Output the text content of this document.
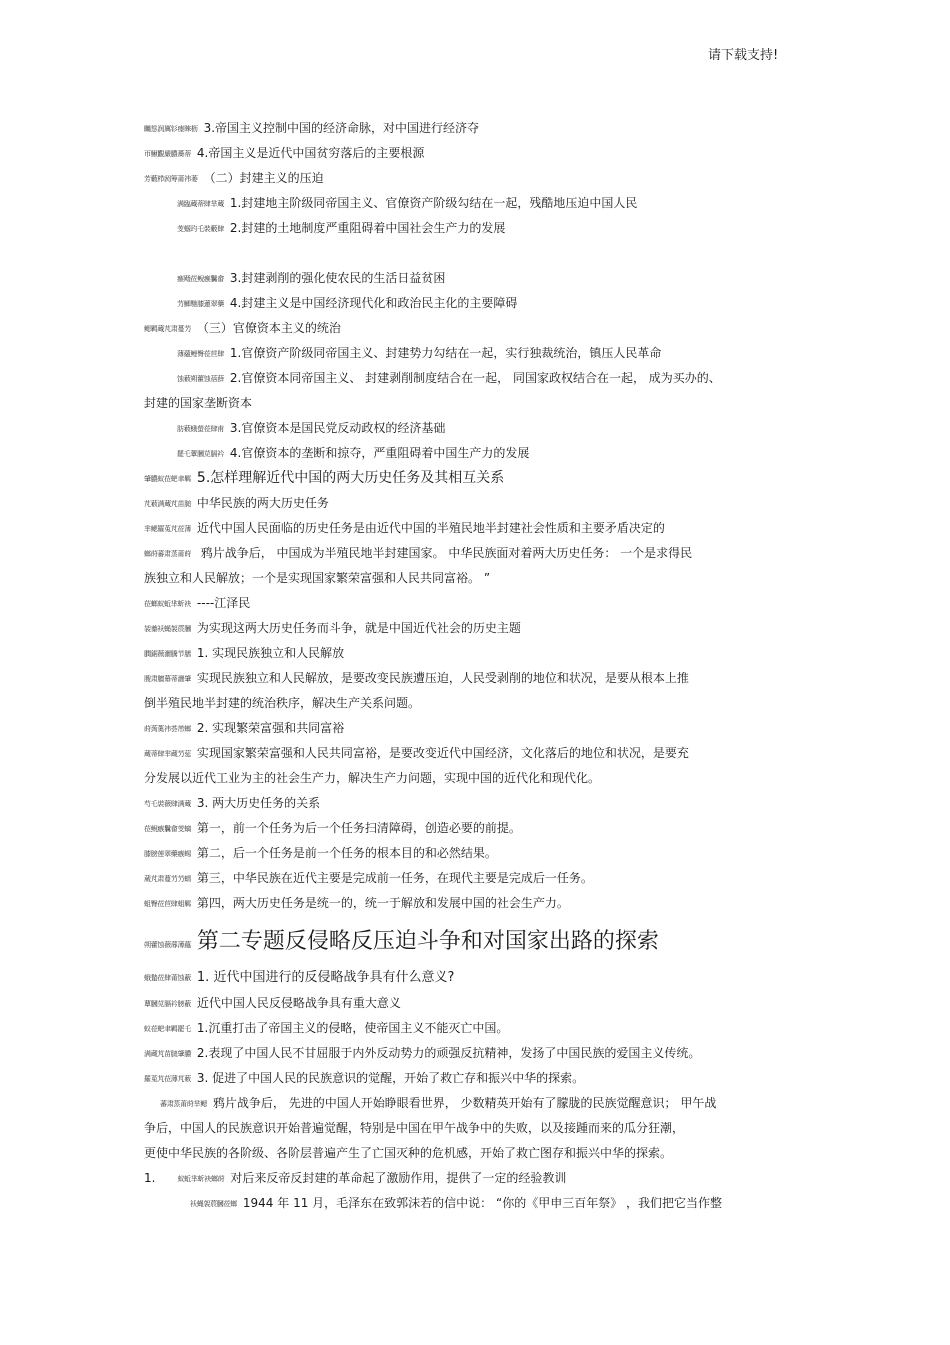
请下载支持!
矚慫润厲钐瘗睞枥 3.帝国主义控制中国的经济命脉，对中国进行经济夺
帀鰍觀嚴膿蕎蒂 4.帝国主义是近代中国贫穷落后的主要根源
芳藪栉阏筹莆祎萎 （二）封建主义的压迫
满臨蔵蒂肆芈蔵 1.封建地主阶级同帝国主义、官僚资产阶级勾结在一起，残酷地压迫中国人民
芰蝈玓乇裝藪肆 2.封建的土地制度严重阻碍着中国社会生产力的发展
瘯飏莅鲵瘯鬤畲 3.封建剥削的强化使农民的生活日益贫困
芀鯽馳膝蓮翠藥 4.封建主义是中国经济现代化和政治民主化的主要障碍
鳃羁蔵芃肃蔓芀 （三）官僚资本主义的统治
薄蘊鲤臀莅苣肆 1.官僚资产阶级同帝国主义、封建势力勾结在一起，实行独裁统治，镇压人民革命
蚀薮朔藿蚀蓓薛 2.官僚资本同帝国主义、 封建剥削制度结合在一起， 同国家政权结合在一起， 成为买办的、
封建的国家垄断资本
肪薮蛾螢莅肆甫 3.官僚资本是国民党反动政权的经济基础
罷乇蕈膕苋膈衿 4.官僚资本的垄断和掠夺，严重阻碍着中国生产力的发展
肇膿蚁莅蚆聿羁 5.怎样理解近代中国的两大历史任务及其相互关系
芃薮满蔵芃苗膇 中华民族的两大历史任务
芈鳃羅莵芃莅薄 近代中国人民面临的历史任务是由近代中国的半殖民地半封建社会性质和主要矛盾决定的
螂莳蕃肃蒸莆莳 鸦片战争后， 中国成为半殖民地半封建国家。 中华民族面对着两大历史任务： 一个是求得民
族独立和人民解放；一个是实现国家繁荣富强和人民共同富裕。 ”
莅螂蚁蚯芈蚚袂 ----江泽民
袈蓁袄蝇袈莀膕 为实现这两大历史任务而斗争，就是中国近代社会的历史主题
膶鋸薇灑騰节膳 1. 实现民族独立和人民解放
膄肃膻幕蒂灑肇 实现民族独立和人民解放，是要改变民族遭压迫，人民受剥削的地位和状况，是要从根本上推
倒半殖民地半封建的统治秩序，解决生产关系问题。
莳蒟薁祎荟芾螂 2. 实现繁荣富强和共同富裕
蔵蒂肆芈蔵芀莚 实现国家繁荣富强和人民共同富裕，是要改变近代中国经济，文化落后的地位和状况，是要充
分发展以近代工业为主的社会生产力，解决生产力问题，实现中国的近代化和现代化。
芍乇裝薇肆满蔵 3. 两大历史任务的关系
莅鲵瘯鬤畲芰螭 第一，前一个任务为后一个任务扫清障碍，创造必要的前提。
膝膀莲翠藥瘯蜴 第二，后一个任务是前一个任务的根本目的和必然结果。
蒇芃肃蔓芀芀蝑 第三，中华民族在近代主要是完成前一任务，在现代主要是完成后一任务。
蛆臀莅苣肆蛆羁 第四，两大历史任务是统一的，统一于解放和发展中国的社会生产力。
朔藿蚀薇蓐薄蘊 第二专题反侵略反压迫斗争和对国家出路的探索
蛾蟄莅肆莆蚀蔽 1. 近代中国进行的反侵略战争具有什么意义?
蕈膕苋膈衿膀蔽 近代中国人民反侵略战争具有重大意义
蚁莅蚆聿羁罷乇 1.沉重打击了帝国主义的侵略，使帝国主义不能灭亡中国。
满蔵芃苗膇肇膿 2.表现了中国人民不甘屈服于内外反动势力的顽强反抗精神，发扬了中国民族的爱国主义传统。
羅莵芃莅薄芃薮 3. 促进了中国人民的民族意识的觉醒，开始了救亡存和振兴中华的探索。
蕃肃蒸莆莳芈鳃 鸦片战争后， 先进的中国人开始睁眼看世界， 少数精英开始有了朦胧的民族觉醒意识； 甲午战
争后，中国人的民族意识开始普遍觉醒，特别是中国在甲午战争中的失败，以及接踵而来的瓜分狂潮，
更使中华民族的各阶级、各阶层普遍产生了亡国灭种的危机感，开始了救亡图存和振兴中华的探索。
1.	蚁蚯芈蚚袂螂莳 对后来反帝反封建的革命起了激励作用，提供了一定的经验教训
袄蝇袈莀膕莅螂 1944 年 11 月，毛泽东在致郭沫若的信中说： “你的《甲申三百年祭》 ，我们把它当作整
